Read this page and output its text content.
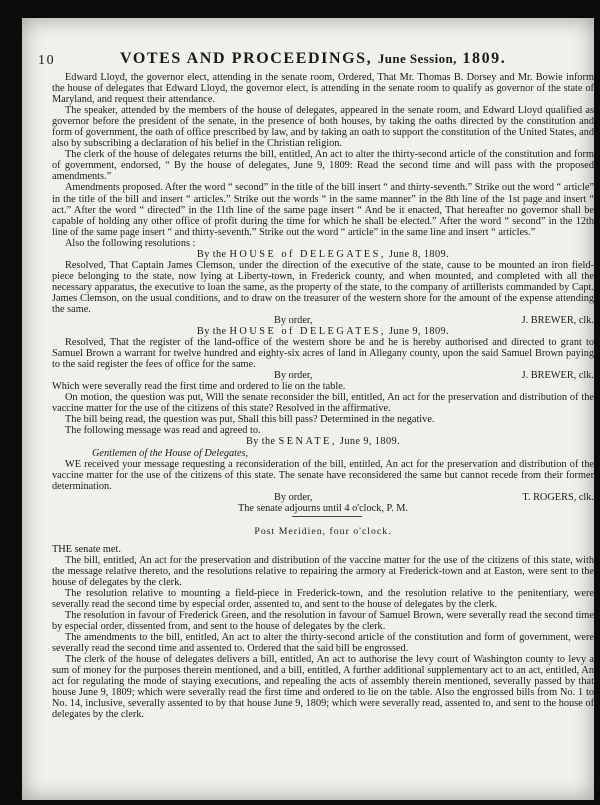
10	VOTES AND PROCEEDINGS, June Session, 1809.

Edward Lloyd, the governor elect, attending in the senate room, Ordered, That Mr. Thomas B. Dorsey and Mr. Bowie inform the house of delegates that Edward Lloyd, the governor elect, is attending in the senate room to qualify as governor of the state of Maryland, and request their attendance.

The speaker, attended by the members of the house of delegates, appeared in the senate room, and Edward Lloyd qualified as governor before the president of the senate, in the presence of both houses, by taking the oaths directed by the constitution and form of government, the oath of office prescribed by law, and by taking an oath to support the constitution of the United States, and also by subscribing a declaration of his belief in the Christian religion.

The clerk of the house of delegates returns the bill, entitled, An act to alter the thirty-second article of the constitution and form of government, endorsed, “ By the house of delegates, June 9, 1809: Read the second time and will pass with the proposed amendments.”

Amendments proposed. After the word “ second” in the title of the bill insert “ and thirty-seventh.” Strike out the word “ article” in the title of the bill and insert “ articles.” Strike out the words “ in the same manner” in the 8th line of the 1st page and insert “ act.” After the word “ directed” in the 11th line of the same page insert “ And be it enacted, That hereafter no governor shall be capable of holding any other office of profit during the time for which he shall be elected.” After the word “ second” in the 12th line of the same page insert “ and thirty-seventh.” Strike out the word “ article” in the same line and insert “ articles.”

Also the following resolutions :

By the HOUSE of DELEGATES, June 8, 1809.

Resolved, That Captain James Clemson, under the direction of the executive of the state, cause to be mounted an iron field-piece belonging to the state, now lying at Liberty-town, in Frederick county, and when mounted, and completed with all the necessary apparatus, the executive to loan the same, as the property of the state, to the company of artillerists commanded by Capt. James Clemson, on the usual conditions, and to draw on the treasurer of the western shore for the amount of the expense attending the same.

By order,	J. BREWER, clk.

By the HOUSE of DELEGATES, June 9, 1809.

Resolved, That the register of the land-office of the western shore be and he is hereby authorised and directed to grant to Samuel Brown a warrant for twelve hundred and eighty-six acres of land in Allegany county, upon the said Samuel Brown paying to the said register the fees of office for the same.

By order,	J. BREWER, clk.

Which were severally read the first time and ordered to lie on the table.

On motion, the question was put, Will the senate reconsider the bill, entitled, An act for the preservation and distribution of the vaccine matter for the use of the citizens of this state? Resolved in the affirmative.

The bill being read, the question was put, Shall this bill pass? Determined in the negative.

The following message was read and agreed to.

By the SENATE, June 9, 1809.

Gentlemen of the House of Delegates,

WE received your message requesting a reconsideration of the bill, entitled, An act for the preservation and distribution of the vaccine matter for the use of the citizens of this state. The senate have reconsidered the same but cannot recede from their former determination.

By order,	T. ROGERS, clk.

The senate adjourns until 4 o'clock, P. M.

Post Meridien, four o'clock.

THE senate met.

The bill, entitled, An act for the preservation and distribution of the vaccine matter for the use of the citizens of this state, with the message relative thereto, and the resolutions relative to repairing the armory at Frederick-town and at Easton, were sent to the house of delegates by the clerk.

The resolution relative to mounting a field-piece in Frederick-town, and the resolution relative to the penitentiary, were severally read the second time by especial order, assented to, and sent to the house of delegates by the clerk.

The resolution in favour of Frederick Green, and the resolution in favour of Samuel Brown, were severally read the second time by especial order, dissented from, and sent to the house of delegates by the clerk.

The amendments to the bill, entitled, An act to alter the thirty-second article of the constitution and form of government, were severally read the second time and assented to. Ordered that the said bill be engrossed.

The clerk of the house of delegates delivers a bill, entitled, An act to authorise the levy court of Washington county to levy a sum of money for the purposes therein mentioned, and a bill, entitled, A further additional supplementary act to an act, entitled, An act for regulating the mode of staying executions, and repealing the acts of assembly therein mentioned, severally passed by that house June 9, 1809; which were severally read the first time and ordered to lie on the table. Also the engrossed bills from No. 1 to No. 14, inclusive, severally assented to by that house June 9, 1809; which were severally read, assented to, and sent to the house of delegates by the clerk.
